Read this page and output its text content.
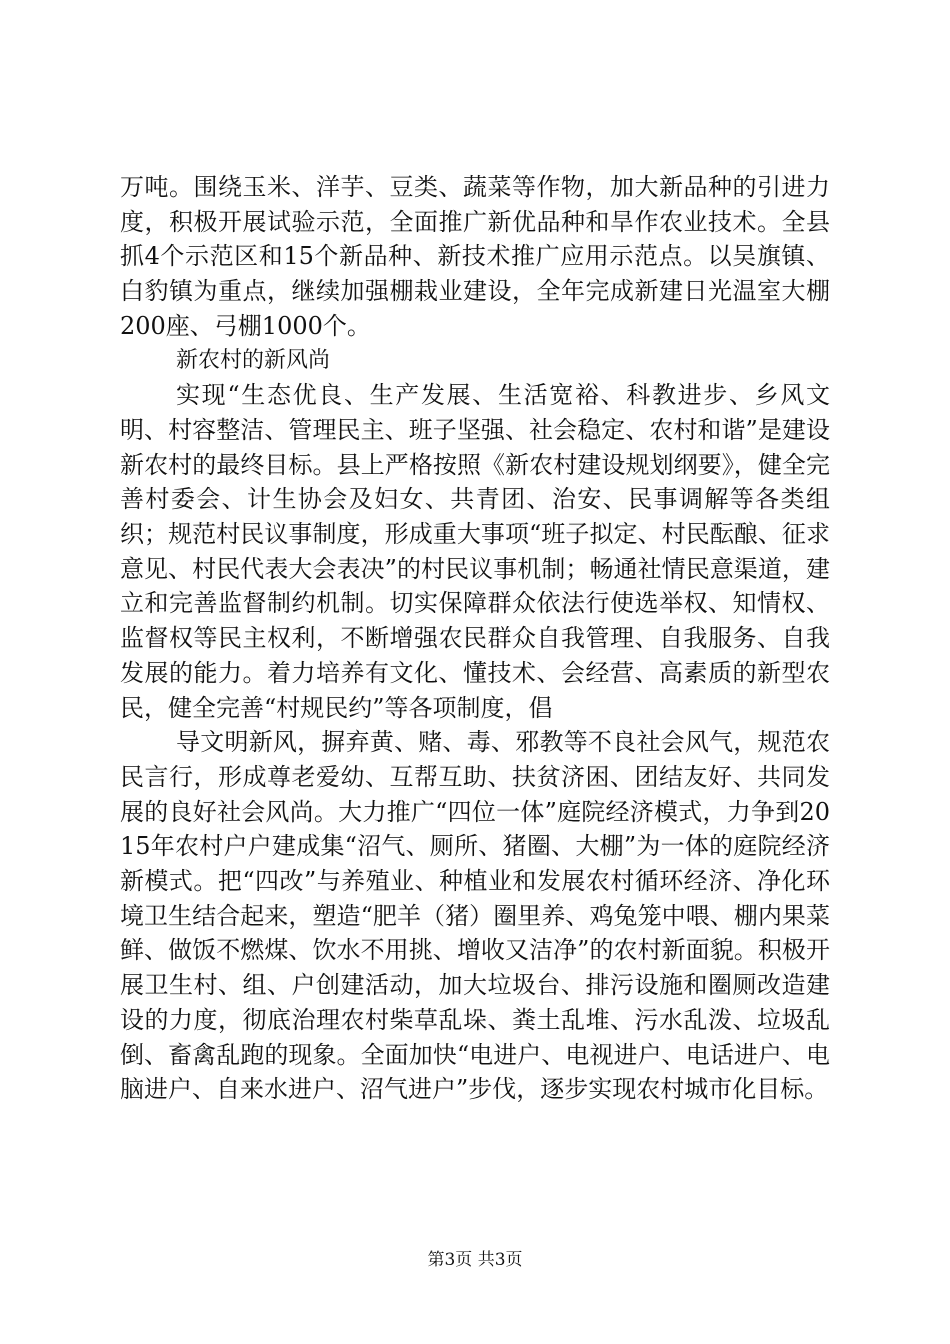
万吨。围绕玉米、洋芋、豆类、蔬菜等作物，加大新品种的引进力度，积极开展试验示范，全面推广新优品种和旱作农业技术。全县抓4个示范区和15个新品种、新技术推广应用示范点。以吴旗镇、白豹镇为重点，继续加强棚栽业建设，全年完成新建日光温室大棚200座、弓棚1000个。

新农村的新风尚

实现“生态优良、生产发展、生活宽裕、科教进步、乡风文明、村容整洁、管理民主、班子坚强、社会稳定、农村和谐”是建设新农村的最终目标。县上严格按照《新农村建设规划纲要》，健全完善村委会、计生协会及妇女、共青团、治安、民事调解等各类组织；规范村民议事制度，形成重大事项“班子拟定、村民酝酿、征求意见、村民代表大会表决”的村民议事机制；畅通社情民意渠道，建立和完善监督制约机制。切实保障群众依法行使选举权、知情权、监督权等民主权利，不断增强农民群众自我管理、自我服务、自我发展的能力。着力培养有文化、懂技术、会经营、高素质的新型农民，健全完善“村规民约”等各项制度，倡

导文明新风，摒弃黄、赌、毒、邪教等不良社会风气，规范农民言行，形成尊老爱幼、互帮互助、扶贫济困、团结友好、共同发展的良好社会风尚。大力推广“四位一体”庭院经济模式，力争到2015年农村户户建成集“沼气、厕所、猪圈、大棚”为一体的庭院经济新模式。把“四改”与养殖业、种植业和发展农村循环经济、净化环境卫生结合起来，塑造“肥羊（猪）圈里养、鸡兔笼中喂、棚内果菜鲜、做饭不燃煤、饮水不用挑、增收又洁净”的农村新面貌。积极开展卫生村、组、户创建活动，加大垃圾台、排污设施和圈厕改造建设的力度，彻底治理农村柴草乱垛、粪土乱堆、污水乱泼、垃圾乱倒、畜禽乱跑的现象。全面加快“电进户、电视进户、电话进户、电脑进户、自来水进户、沼气进户”步伐，逐步实现农村城市化目标。

第3页 共3页
